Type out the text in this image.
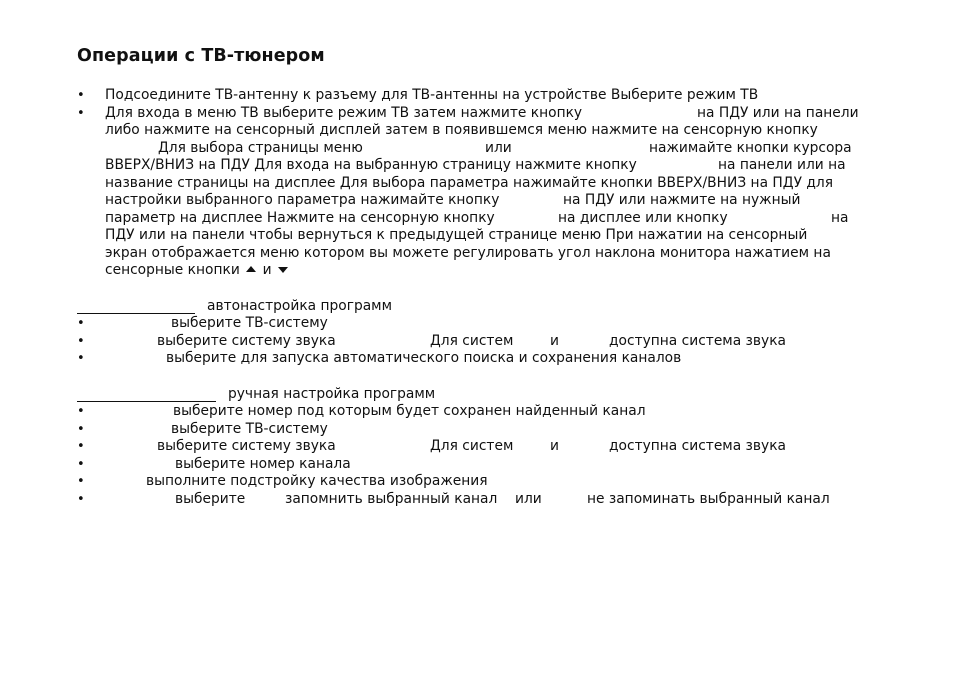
Операции с ТВ-тюнером
• Подсоедините ТВ-антенну к разъему для ТВ-антенны на устройстве Выберите режим ТВ
• Для входа в меню ТВ выберите режим ТВ затем нажмите кнопку	на ПДУ или на панели
либо нажмите на сенсорный дисплей затем в появившемся меню нажмите на сенсорную кнопку
Для выбора страницы меню	или	нажимайте кнопки курсора
ВВЕРХ/ВНИЗ на ПДУ Для входа на выбранную страницу нажмите кнопку	на панели или на
название страницы на дисплее Для выбора параметра нажимайте кнопки ВВЕРХ/ВНИЗ на ПДУ для
настройки выбранного параметра нажимайте кнопку	на ПДУ или нажмите на нужный
параметр на дисплее Нажмите на сенсорную кнопку	на дисплее или кнопку	на
ПДУ или на панели чтобы вернуться к предыдущей странице меню При нажатии на сенсорный
экран отображается меню котором вы можете регулировать угол наклона монитора нажатием на
сенсорные кнопки и
автонастройка программ
•	выберите ТВ-систему
•	выберите систему звука	Для систем	и	доступна система звука
•	выберите для запуска автоматического поиска и сохранения каналов
ручная настройка программ
•	выберите номер под которым будет сохранен найденный канал
•	выберите ТВ-систему
•	выберите систему звука	Для систем	и	доступна система звука
•	выберите номер канала
•	выполните подстройку качества изображения
•	выберите	запомнить выбранный канал или	не запоминать выбранный канал
